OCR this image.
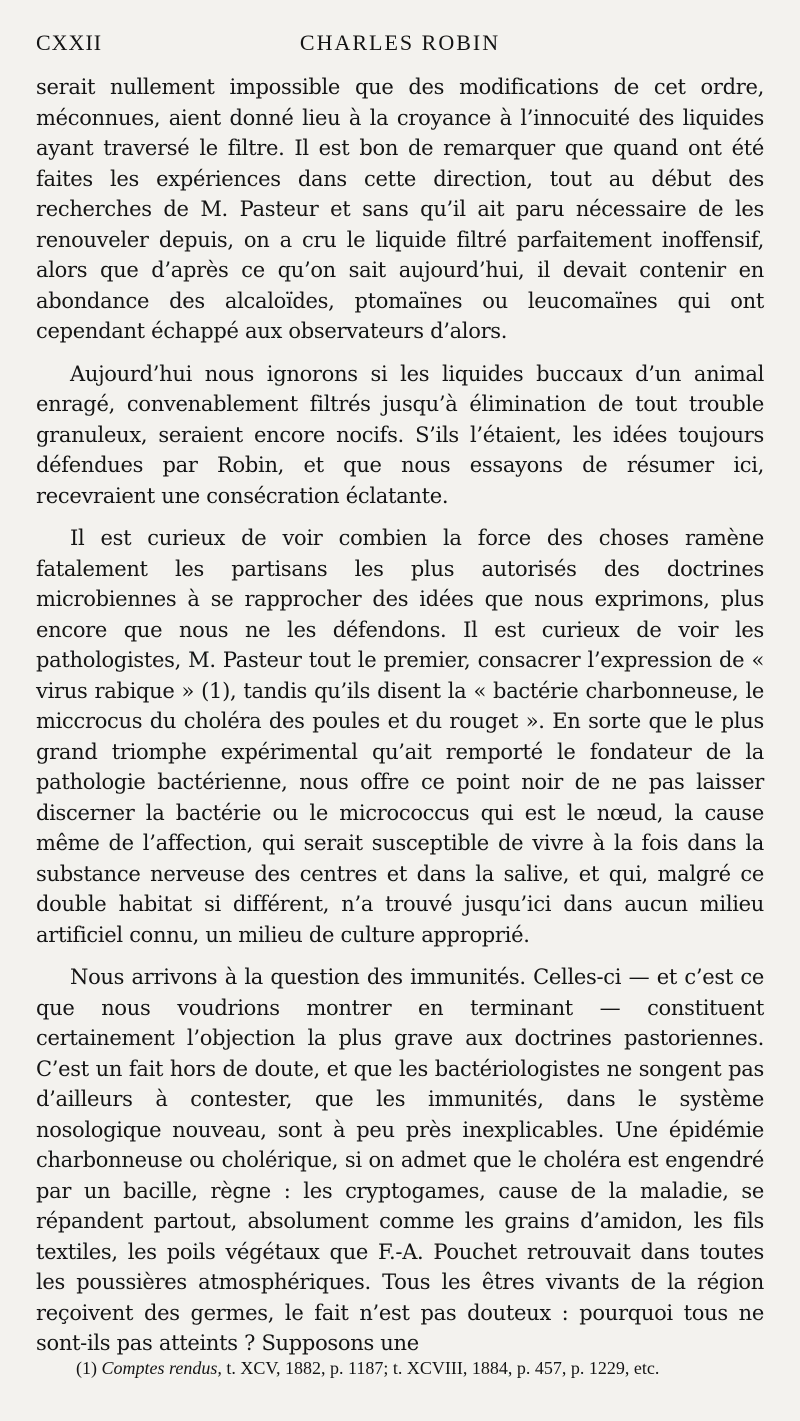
CXXII	CHARLES ROBIN

serait nullement impossible que des modifications de cet ordre, méconnues, aient donné lieu à la croyance à l’innocuité des liquides ayant traversé le filtre. Il est bon de remarquer que quand ont été faites les expériences dans cette direction, tout au début des recherches de M. Pasteur et sans qu’il ait paru nécessaire de les renouveler depuis, on a cru le liquide filtré parfaitement inoffensif, alors que d’après ce qu’on sait aujourd’hui, il devait contenir en abondance des alcaloïdes, ptomaïnes ou leucomaïnes qui ont cependant échappé aux observateurs d’alors.

Aujourd’hui nous ignorons si les liquides buccaux d’un animal enragé, convenablement filtrés jusqu’à élimination de tout trouble granuleux, seraient encore nocifs. S’ils l’étaient, les idées toujours défendues par Robin, et que nous essayons de résumer ici, recevraient une consécration éclatante.

Il est curieux de voir combien la force des choses ramène fatalement les partisans les plus autorisés des doctrines microbiennes à se rapprocher des idées que nous exprimons, plus encore que nous ne les défendons. Il est curieux de voir les pathologistes, M. Pasteur tout le premier, consacrer l’expression de « virus rabique » (1), tandis qu’ils disent la « bactérie charbonneuse, le miccrocus du choléra des poules et du rouget ». En sorte que le plus grand triomphe expérimental qu’ait remporté le fondateur de la pathologie bactérienne, nous offre ce point noir de ne pas laisser discerner la bactérie ou le micrococcus qui est le nœud, la cause même de l’affection, qui serait susceptible de vivre à la fois dans la substance nerveuse des centres et dans la salive, et qui, malgré ce double habitat si différent, n’a trouvé jusqu’ici dans aucun milieu artificiel connu, un milieu de culture approprié.

Nous arrivons à la question des immunités. Celles-ci — et c’est ce que nous voudrions montrer en terminant — constituent certainement l’objection la plus grave aux doctrines pastoriennes. C’est un fait hors de doute, et que les bactériologistes ne songent pas d’ailleurs à contester, que les immunités, dans le système nosologique nouveau, sont à peu près inexplicables. Une épidémie charbonneuse ou cholérique, si on admet que le choléra est engendré par un bacille, règne : les cryptogames, cause de la maladie, se répandent partout, absolument comme les grains d’amidon, les fils textiles, les poils végétaux que F.-A. Pouchet retrouvait dans toutes les poussières atmosphériques. Tous les êtres vivants de la région reçoivent des germes, le fait n’est pas douteux : pourquoi tous ne sont-ils pas atteints ? Supposons une

(1) Comptes rendus, t. XCV, 1882, p. 1187; t. XCVIII, 1884, p. 457, p. 1229, etc.
